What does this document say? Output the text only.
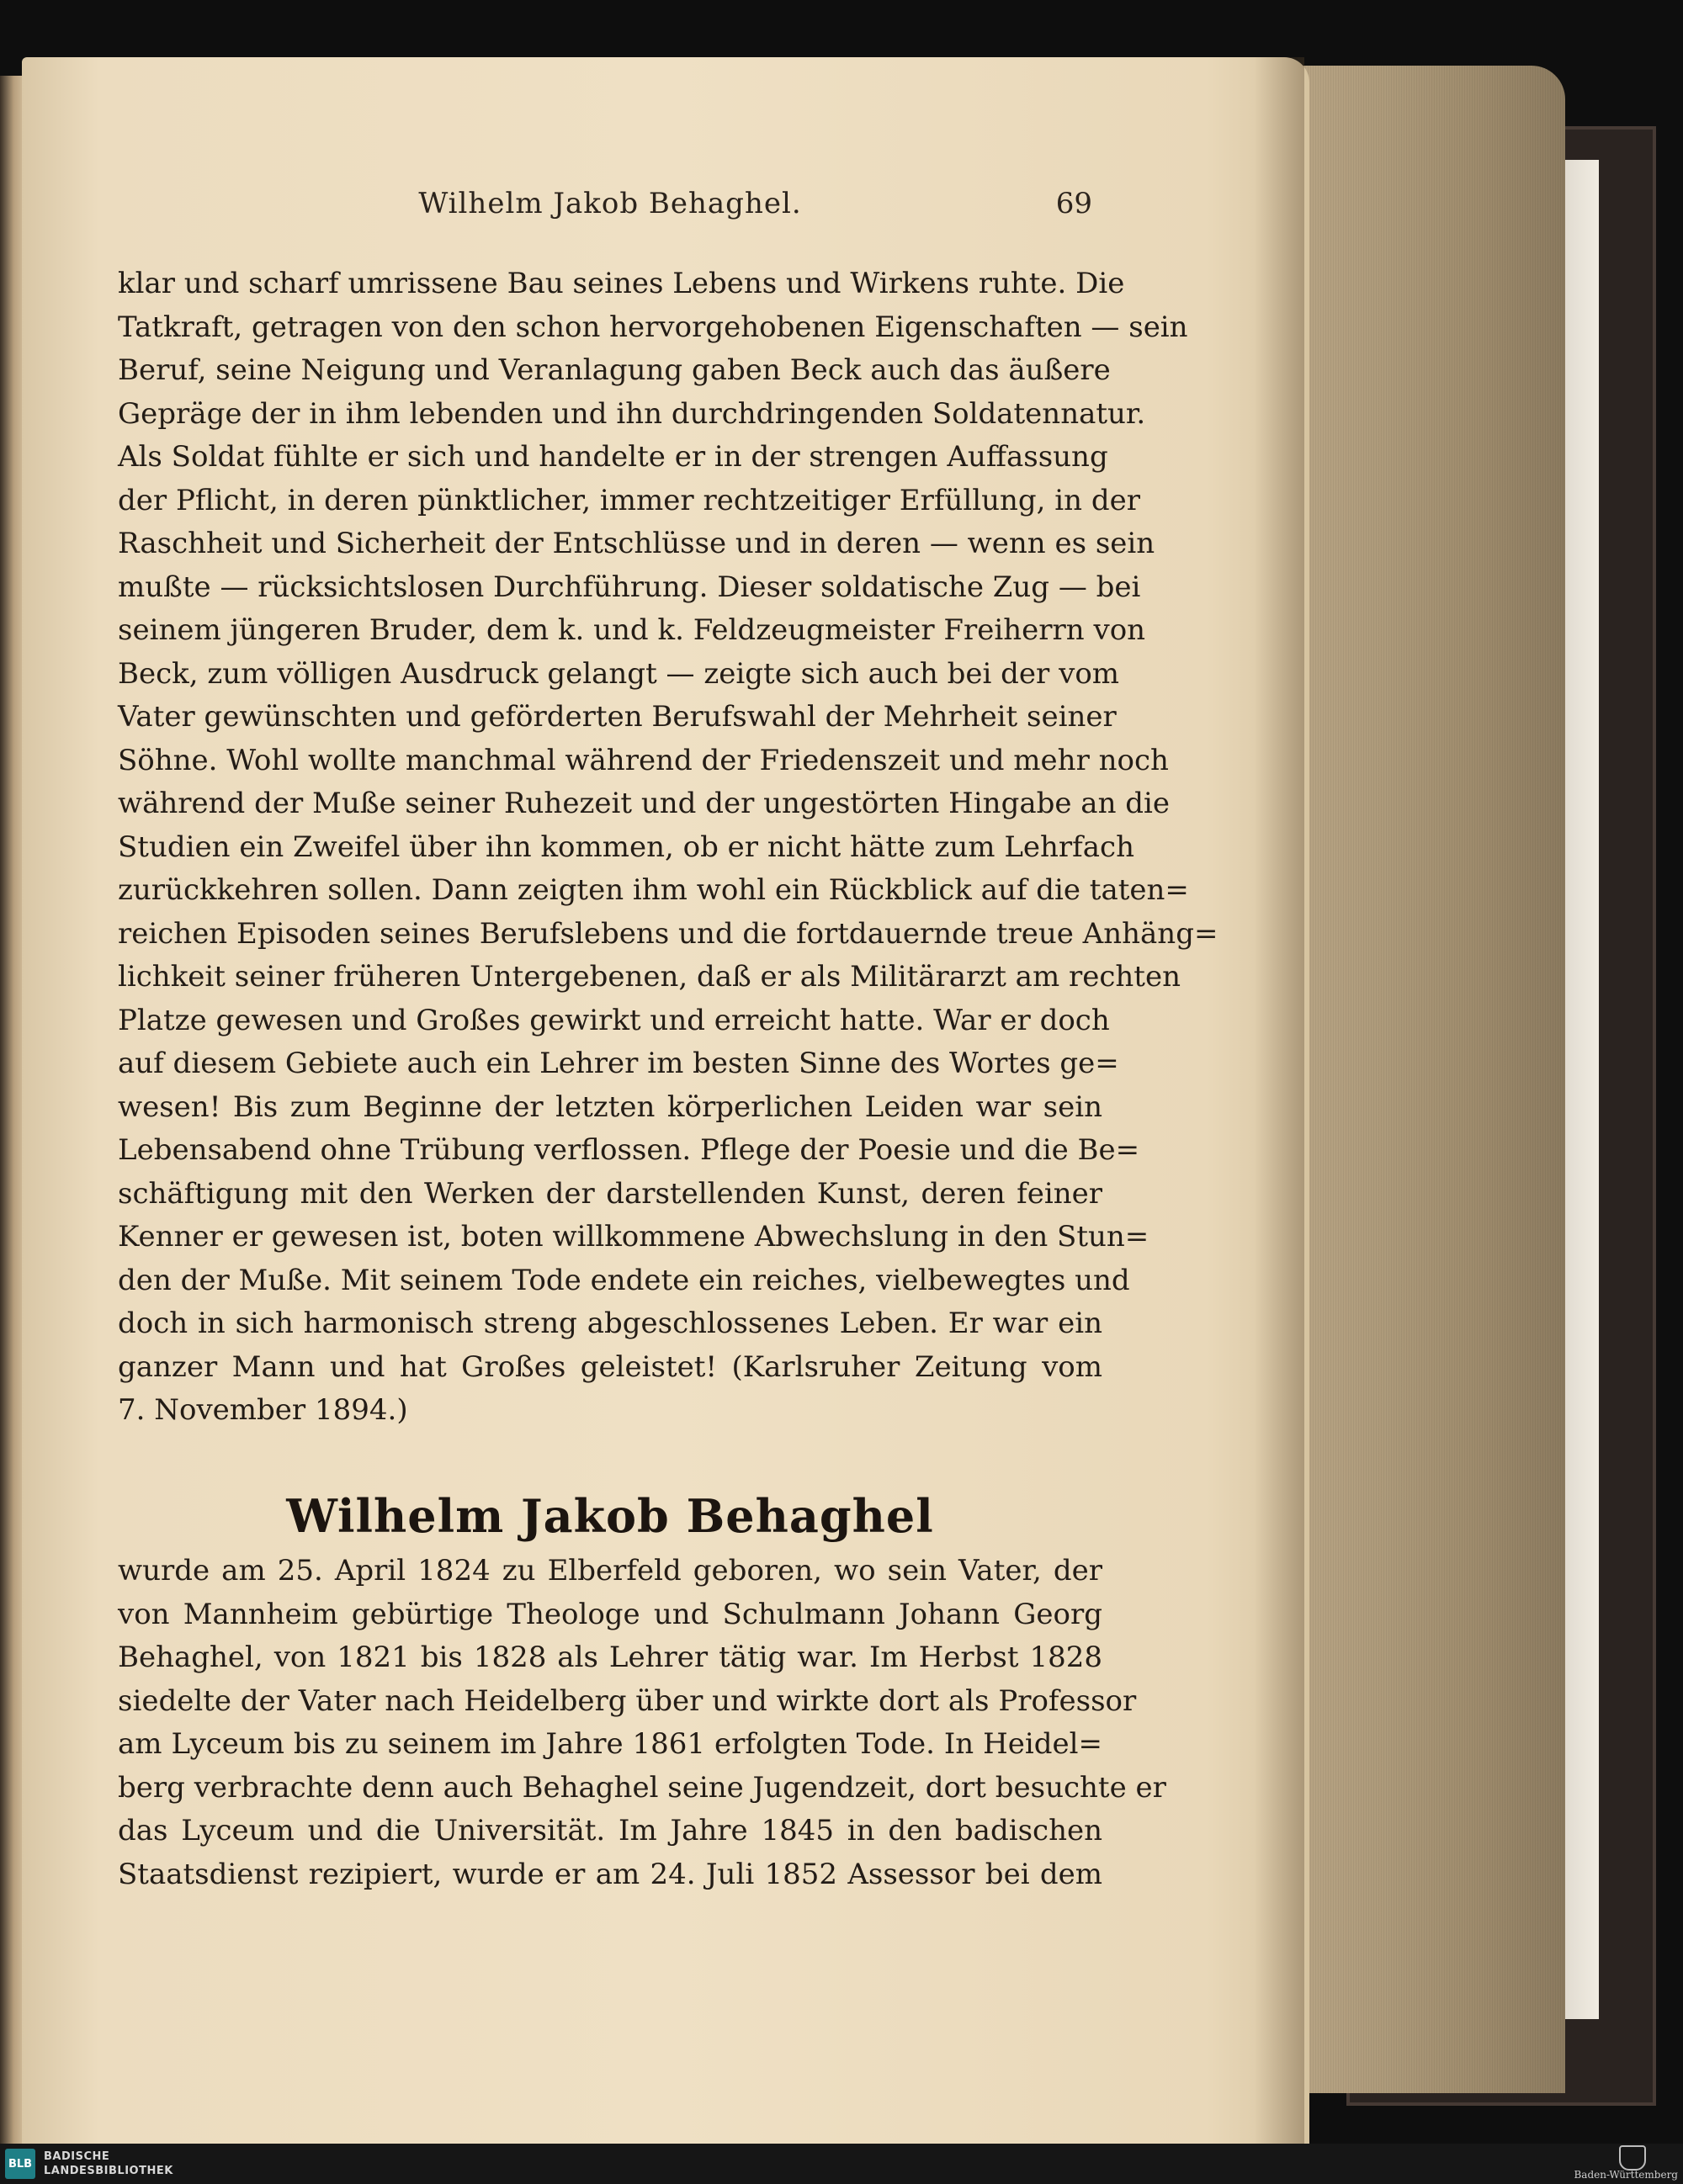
Wilhelm Jakob Behaghel.	69
klar und scharf umrissene Bau seines Lebens und Wirkens ruhte. Die
Tatkraft, getragen von den schon hervorgehobenen Eigenschaften — sein
Beruf, seine Neigung und Veranlagung gaben Beck auch das äußere
Gepräge der in ihm lebenden und ihn durchdringenden Soldatennatur.
Als Soldat fühlte er sich und handelte er in der strengen Auffassung
der Pflicht, in deren pünktlicher, immer rechtzeitiger Erfüllung, in der
Raschheit und Sicherheit der Entschlüsse und in deren — wenn es sein
mußte — rücksichtslosen Durchführung. Dieser soldatische Zug — bei
seinem jüngeren Bruder, dem k. und k. Feldzeugmeister Freiherrn von
Beck, zum völligen Ausdruck gelangt — zeigte sich auch bei der vom
Vater gewünschten und geförderten Berufswahl der Mehrheit seiner
Söhne. Wohl wollte manchmal während der Friedenszeit und mehr noch
während der Muße seiner Ruhezeit und der ungestörten Hingabe an die
Studien ein Zweifel über ihn kommen, ob er nicht hätte zum Lehrfach
zurückkehren sollen. Dann zeigten ihm wohl ein Rückblick auf die taten=
reichen Episoden seines Berufslebens und die fortdauernde treue Anhäng=
lichkeit seiner früheren Untergebenen, daß er als Militärarzt am rechten
Platze gewesen und Großes gewirkt und erreicht hatte. War er doch
auf diesem Gebiete auch ein Lehrer im besten Sinne des Wortes ge=
wesen! Bis zum Beginne der letzten körperlichen Leiden war sein
Lebensabend ohne Trübung verflossen. Pflege der Poesie und die Be=
schäftigung mit den Werken der darstellenden Kunst, deren feiner
Kenner er gewesen ist, boten willkommene Abwechslung in den Stun=
den der Muße. Mit seinem Tode endete ein reiches, vielbewegtes und
doch in sich harmonisch streng abgeschlossenes Leben. Er war ein
ganzer Mann und hat Großes geleistet! (Karlsruher Zeitung vom
7. November 1894.)
Wilhelm Jakob Behaghel
wurde am 25. April 1824 zu Elberfeld geboren, wo sein Vater, der
von Mannheim gebürtige Theologe und Schulmann Johann Georg
Behaghel, von 1821 bis 1828 als Lehrer tätig war. Im Herbst 1828
siedelte der Vater nach Heidelberg über und wirkte dort als Professor
am Lyceum bis zu seinem im Jahre 1861 erfolgten Tode. In Heidel=
berg verbrachte denn auch Behaghel seine Jugendzeit, dort besuchte er
das Lyceum und die Universität. Im Jahre 1845 in den badischen
Staatsdienst rezipiert, wurde er am 24. Juli 1852 Assessor bei dem
BLB
BADISCHE
LANDESBIBLIOTHEK	Baden-Württemberg
